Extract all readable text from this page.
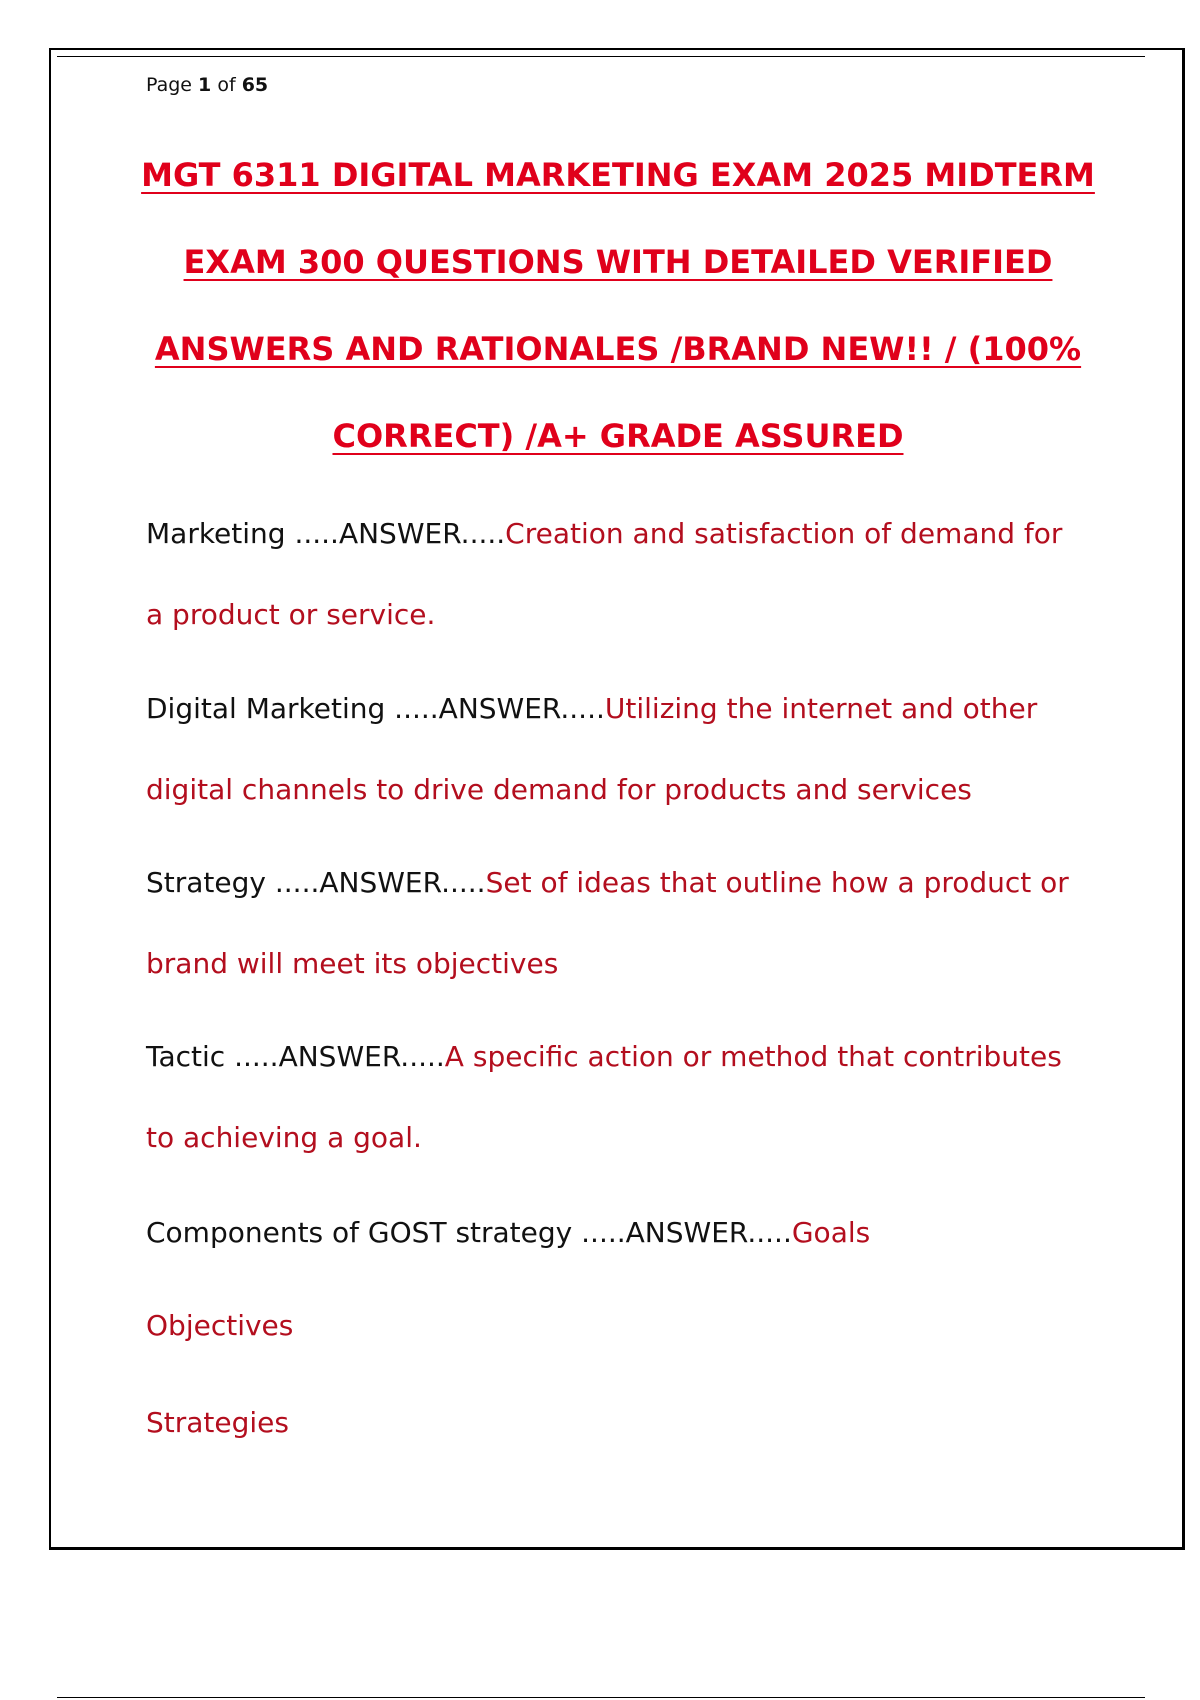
Page 1 of 65
MGT 6311 DIGITAL MARKETING EXAM 2025 MIDTERM EXAM 300 QUESTIONS WITH DETAILED VERIFIED ANSWERS AND RATIONALES /BRAND NEW!! / (100% CORRECT) /A+ GRADE ASSURED

Marketing .....ANSWER.....Creation and satisfaction of demand for a product or service.

Digital Marketing .....ANSWER.....Utilizing the internet and other digital channels to drive demand for products and services

Strategy .....ANSWER.....Set of ideas that outline how a product or brand will meet its objectives

Tactic .....ANSWER.....A specific action or method that contributes to achieving a goal.

Components of GOST strategy .....ANSWER.....Goals

Objectives

Strategies
